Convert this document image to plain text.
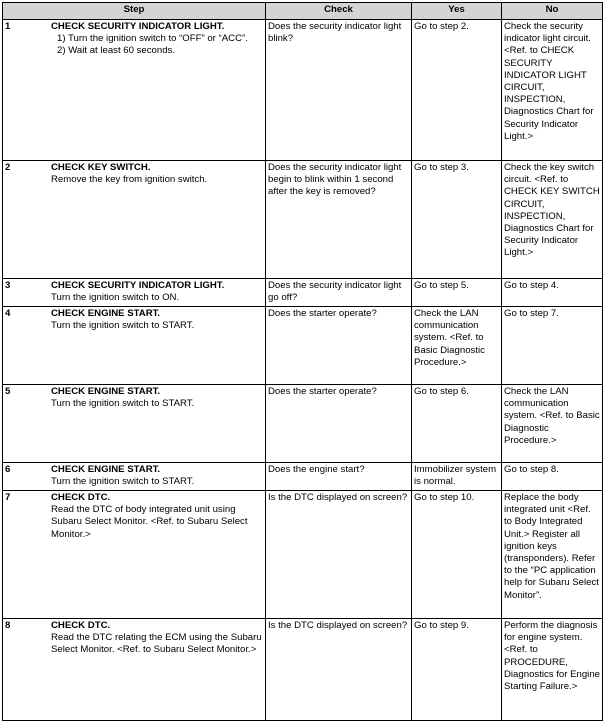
Step	Check	Yes	No

1 CHECK SECURITY INDICATOR LIGHT.
1) Turn the ignition switch to “OFF” or “ACC”.
2) Wait at least 60 seconds.	Does the security indicator light blink?	Go to step 2.	Check the security indicator light circuit. <Ref. to CHECK SECURITY INDICATOR LIGHT CIRCUIT, INSPECTION, Diagnostics Chart for Security Indicator Light.>

2 CHECK KEY SWITCH.
Remove the key from ignition switch.	Does the security indicator light begin to blink within 1 second after the key is removed?	Go to step 3.	Check the key switch circuit. <Ref. to CHECK KEY SWITCH CIRCUIT, INSPECTION, Diagnostics Chart for Security Indicator Light.>

3 CHECK SECURITY INDICATOR LIGHT.
Turn the ignition switch to ON.	Does the security indicator light go off?	Go to step 5.	Go to step 4.

4 CHECK ENGINE START.
Turn the ignition switch to START.	Does the starter operate?	Check the LAN communication system. <Ref. to Basic Diagnostic Procedure.>	Go to step 7.

5 CHECK ENGINE START.
Turn the ignition switch to START.	Does the starter operate?	Go to step 6.	Check the LAN communication system. <Ref. to Basic Diagnostic Procedure.>

6 CHECK ENGINE START.
Turn the ignition switch to START.	Does the engine start?	Immobilizer system is normal.	Go to step 8.

7 CHECK DTC.
Read the DTC of body integrated unit using Subaru Select Monitor. <Ref. to Subaru Select Monitor.>	Is the DTC displayed on screen?	Go to step 10.	Replace the body integrated unit <Ref. to Body Integrated Unit.> Register all ignition keys (transponders). Refer to the “PC application help for Subaru Select Monitor”.

8 CHECK DTC.
Read the DTC relating the ECM using the Subaru Select Monitor. <Ref. to Subaru Select Monitor.>	Is the DTC displayed on screen?	Go to step 9.	Perform the diagnosis for engine system. <Ref. to PROCEDURE, Diagnostics for Engine Starting Failure.>
